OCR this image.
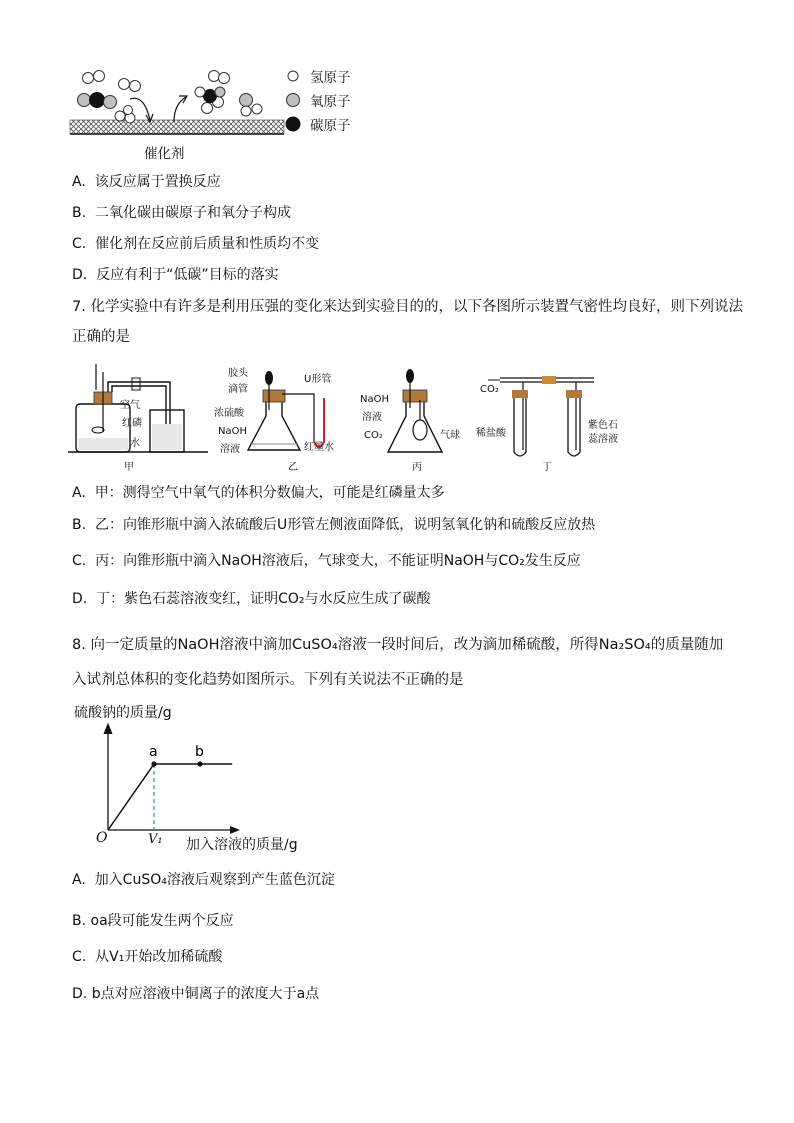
催化剂
氢原子
氧原子
碳原子
A. 该反应属于置换反应
B. 二氧化碳由碳原子和氧分子构成
C. 催化剂在反应前后质量和性质均不变
D. 反应有利于“低碳”目标的落实
7. 化学实验中有许多是利用压强的变化来达到实验目的的，以下各图所示装置气密性均良好，则下列说法
正确的是
空气
红磷
水
甲
胶头
滴管
浓硫酸
NaOH
溶液
U形管
红墨水
乙
NaOH
溶液
CO₂	气球
丙
CO₂
稀盐酸
紫色石
蕊溶液
丁
A. 甲：测得空气中氧气的体积分数偏大，可能是红磷量太多
B. 乙：向锥形瓶中滴入浓硫酸后U形管左侧液面降低，说明氢氧化钠和硫酸反应放热
C. 丙：向锥形瓶中滴入NaOH溶液后，气球变大，不能证明NaOH与CO₂发生反应
D. 丁：紫色石蕊溶液变红，证明CO₂与水反应生成了碳酸
8. 向一定质量的NaOH溶液中滴加CuSO₄溶液一段时间后，改为滴加稀硫酸，所得Na₂SO₄的质量随加
入试剂总体积的变化趋势如图所示。下列有关说法不正确的是
硫酸钠的质量/g
a	b
O	V₁ 加入溶液的质量/g
A. 加入CuSO₄溶液后观察到产生蓝色沉淀
B. oa段可能发生两个反应
C. 从V₁开始改加稀硫酸
D. b点对应溶液中铜离子的浓度大于a点
